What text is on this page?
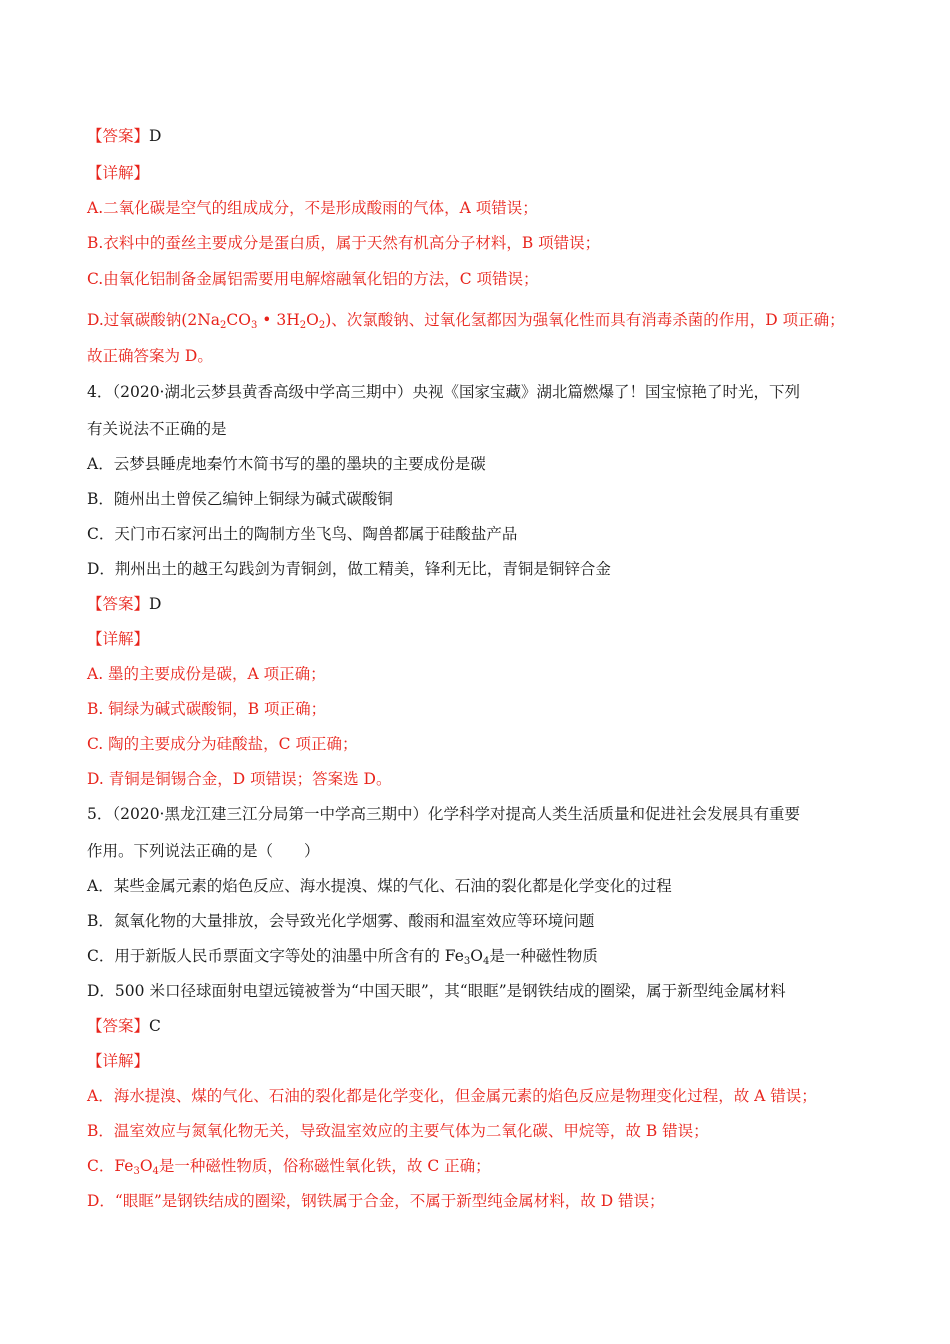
【答案】D
【详解】
A.二氧化碳是空气的组成成分，不是形成酸雨的气体，A 项错误；
B.衣料中的蚕丝主要成分是蛋白质，属于天然有机高分子材料，B 项错误；
C.由氧化铝制备金属铝需要用电解熔融氧化铝的方法，C 项错误；
D.过氧碳酸钠($2Na_2CO_3$ • $3H_2O_2$)、次氯酸钠、过氧化氢都因为强氧化性而具有消毒杀菌的作用，D 项正确；
故正确答案为 D。
4．（2020·湖北云梦县黄香高级中学高三期中）央视《国家宝藏》湖北篇燃爆了！国宝惊艳了时光，下列
有关说法不正确的是
A．云梦县睡虎地秦竹木简书写的墨的墨块的主要成份是碳
B．随州出土曾侯乙编钟上铜绿为碱式碳酸铜
C．天门市石家河出土的陶制方坐飞鸟、陶兽都属于硅酸盐产品
D．荆州出土的越王勾践剑为青铜剑，做工精美，锋利无比，青铜是铜锌合金
【答案】D
【详解】
A. 墨的主要成份是碳，A 项正确；
B. 铜绿为碱式碳酸铜，B 项正确；
C. 陶的主要成分为硅酸盐，C 项正确；
D. 青铜是铜锡合金，D 项错误；答案选 D。
5．（2020·黑龙江建三江分局第一中学高三期中）化学科学对提高人类生活质量和促进社会发展具有重要
作用。下列说法正确的是（　　）
A．某些金属元素的焰色反应、海水提溴、煤的气化、石油的裂化都是化学变化的过程
B．氮氧化物的大量排放，会导致光化学烟雾、酸雨和温室效应等环境问题
C．用于新版人民币票面文字等处的油墨中所含有的 $Fe_3O_4$是一种磁性物质
D．500 米口径球面射电望远镜被誉为“中国天眼”，其“眼眶”是钢铁结成的圈梁，属于新型纯金属材料
【答案】C
【详解】
A．海水提溴、煤的气化、石油的裂化都是化学变化，但金属元素的焰色反应是物理变化过程，故 A 错误；
B．温室效应与氮氧化物无关，导致温室效应的主要气体为二氧化碳、甲烷等，故 B 错误；
C．$Fe_3O_4$是一种磁性物质，俗称磁性氧化铁，故 C 正确；
D．“眼眶”是钢铁结成的圈梁，钢铁属于合金，不属于新型纯金属材料，故 D 错误；
